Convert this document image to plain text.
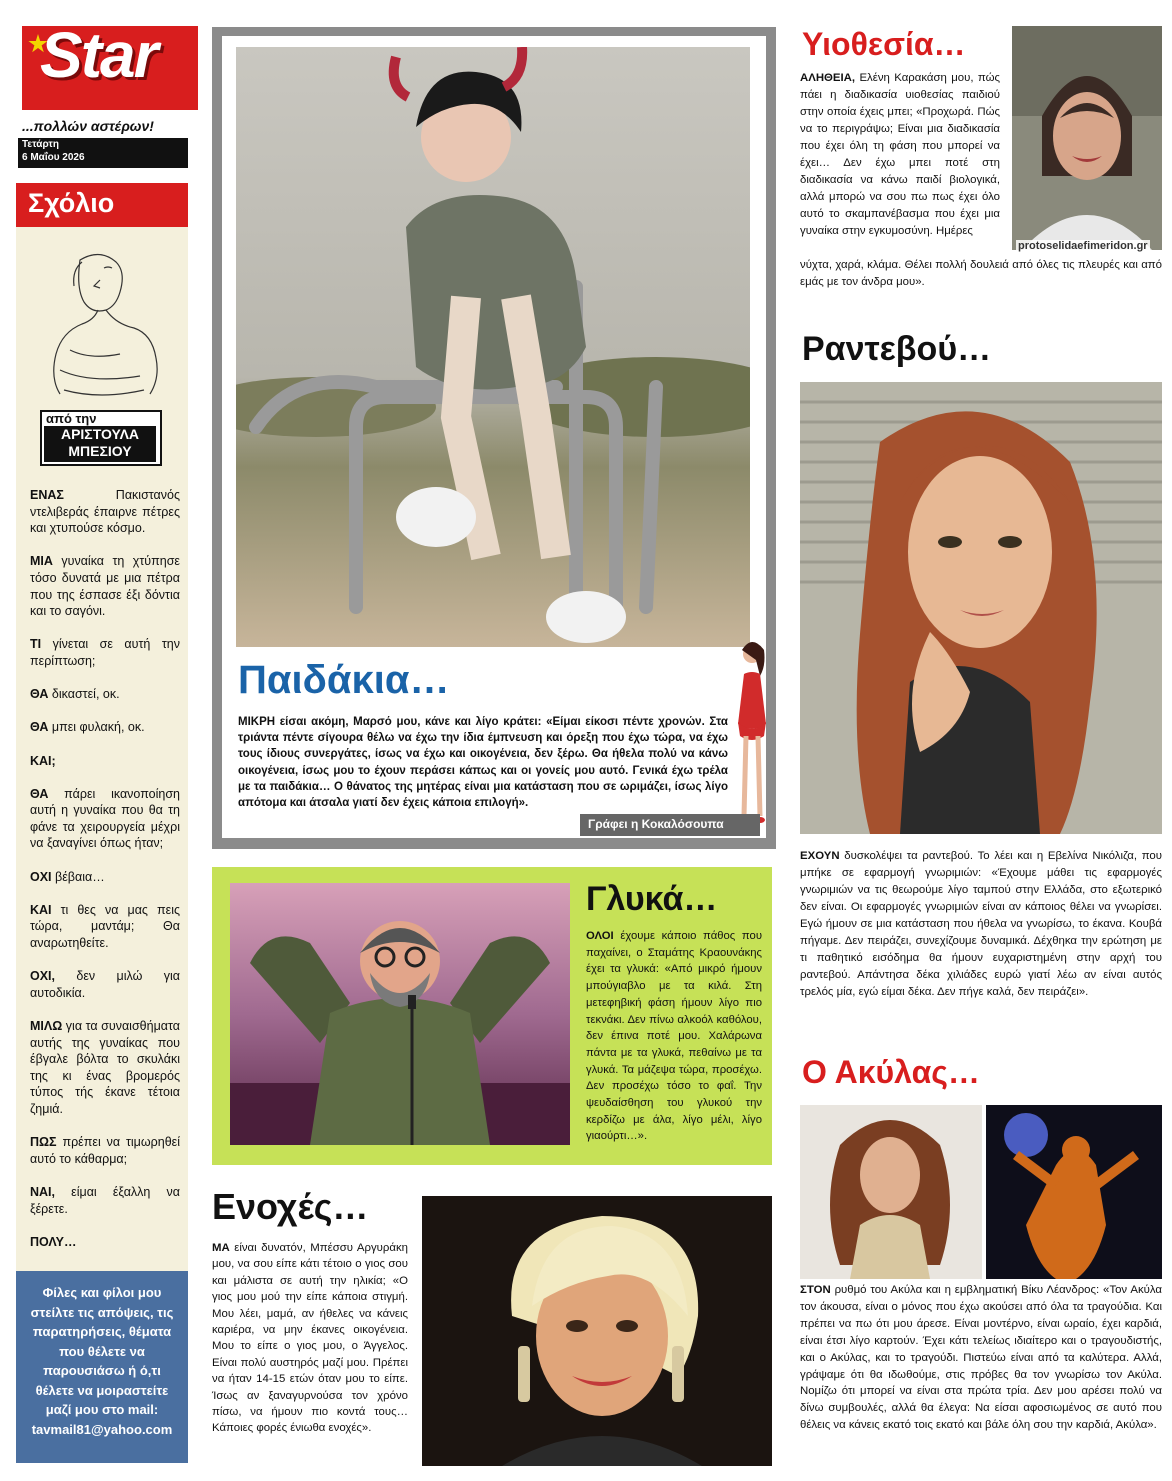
Star
...πολλών αστέρων!
Τετάρτη
6 Μαΐου 2026
Σχόλιο
από την
ΑΡΙΣΤΟΥΛΑ
ΜΠΕΣΙΟΥ

ΕΝΑΣ Πακιστανός ντελιβεράς έπαιρνε πέτρες και χτυπούσε κόσμο.

ΜΙΑ γυναίκα τη χτύπησε τόσο δυνατά με μια πέτρα που της έσπασε έξι δόντια και το σαγόνι.

ΤΙ γίνεται σε αυτή την περίπτωση;

ΘΑ δικαστεί, οκ.

ΘΑ μπει φυλακή, οκ.

ΚΑΙ;

ΘΑ πάρει ικανοποίηση αυτή η γυναίκα που θα τη φάνε τα χειρουργεία μέχρι να ξαναγίνει όπως ήταν;

ΟΧΙ βέβαια…

ΚΑΙ τι θες να μας πεις τώρα, μαντάμ; Θα αναρωτηθείτε.

ΟΧΙ, δεν μιλώ για αυτοδικία.

ΜΙΛΩ για τα συναισθήματα αυτής της γυναίκας που έβγαλε βόλτα το σκυλάκι της κι ένας βρομερός τύπος τής έκανε τέτοια ζημιά.

ΠΩΣ πρέπει να τιμωρηθεί αυτό το κάθαρμα;

ΝΑΙ, είμαι έξαλλη να ξέρετε.

ΠΟΛΥ…

Φίλες και φίλοι μου στείλτε τις απόψεις, τις παρατηρήσεις, θέματα που θέλετε να παρουσιάσω ή ό,τι θέλετε να μοιραστείτε μαζί μου στο mail:
tavmail81@yahoo.com
Παιδάκια…
ΜΙΚΡΗ είσαι ακόμη, Μαρσό μου, κάνε και λίγο κράτει: «Είμαι είκοσι πέντε χρονών. Στα τριάντα πέντε σίγουρα θέλω να έχω την ίδια έμπνευση και όρεξη που έχω τώρα, να έχω τους ίδιους συνεργάτες, ίσως να έχω και οικογένεια, δεν ξέρω. Θα ήθελα πολύ να κάνω οικογένεια, ίσως μου το έχουν περάσει κάπως και οι γονείς μου αυτό. Γενικά έχω τρέλα με τα παιδάκια… Ο θάνατος της μητέρας είναι μια κατάσταση που σε ωριμάζει, ίσως λίγο απότομα και άτσαλα γιατί δεν έχεις κάποια επιλογή».
Γράφει η Κοκαλόσουπα
Γλυκά…
ΟΛΟΙ έχουμε κάποιο πάθος που παχαίνει, ο Σταμάτης Κραουνάκης έχει τα γλυκά: «Από μικρό ήμουν μπούγιαβλο με τα κιλά. Στη μετεφηβική φάση ήμουν λίγο πιο τεκνάκι. Δεν πίνω αλκοόλ καθόλου, δεν έπινα ποτέ μου. Χαλάρωνα πάντα με τα γλυκά, πεθαίνω με τα γλυκά. Τα μάζεψα τώρα, προσέχω. Δεν προσέχω τόσο το φαΐ. Την ψευδαίσθηση του γλυκού την κερδίζω με άλα, λίγο μέλι, λίγο γιαούρτι…».
Ενοχές…
ΜΑ είναι δυνατόν, Μπέσσυ Αργυράκη μου, να σου είπε κάτι τέτοιο ο γιος σου και μάλιστα σε αυτή την ηλικία; «Ο γιος μου μού την είπε κάποια στιγμή. Μου λέει, μαμά, αν ήθελες να κάνεις καριέρα, να μην έκανες οικογένεια. Μου το είπε ο γιος μου, ο Άγγελος. Είναι πολύ αυστηρός μαζί μου. Πρέπει να ήταν 14-15 ετών όταν μου το είπε. Ίσως αν ξαναγυρνούσα τον χρόνο πίσω, να ήμουν πιο κοντά τους… Κάποιες φορές ένιωθα ενοχές».
Υιοθεσία…
ΑΛΗΘΕΙΑ, Ελένη Καρακάση μου, πώς πάει η διαδικασία υιοθεσίας παιδιού στην οποία έχεις μπει; «Προχωρά. Πώς να το περιγράψω; Είναι μια διαδικασία που έχει όλη τη φάση που μπορεί να έχει… Δεν έχω μπει ποτέ στη διαδικασία να κάνω παιδί βιολογικά, αλλά μπορώ να σου πω πως έχει όλο αυτό το σκαμπανέβασμα που έχει μια γυναίκα στην εγκυμοσύνη. Ημέρες
protoselidaefimeridon.gr
νύχτα, χαρά, κλάμα. Θέλει πολλή δουλειά από όλες τις πλευρές και από εμάς με τον άνδρα μου».
Ραντεβού…
ΕΧΟΥΝ δυσκολέψει τα ραντεβού. Το λέει και η Εβελίνα Νικόλιζα, που μπήκε σε εφαρμογή γνωριμιών: «Έχουμε μάθει τις εφαρμογές γνωριμιών να τις θεωρούμε λίγο ταμπού στην Ελλάδα, στο εξωτερικό δεν είναι. Οι εφαρμογές γνωριμιών είναι αν κάποιος θέλει να γνωρίσει. Εγώ ήμουν σε μια κατάσταση που ήθελα να γνωρίσω, το έκανα. Κουβά πήγαμε. Δεν πειράζει, συνεχίζουμε δυναμικά. Δέχθηκα την ερώτηση με τι παθητικό εισόδημα θα ήμουν ευχαριστημένη στην αρχή του ραντεβού. Απάντησα δέκα χιλιάδες ευρώ γιατί λέω αν είναι αυτός τρελός μία, εγώ είμαι δέκα. Δεν πήγε καλά, δεν πειράζει».
Ο Ακύλας…
ΣΤΟΝ ρυθμό του Ακύλα και η εμβληματική Βίκυ Λέανδρος: «Τον Ακύλα τον άκουσα, είναι ο μόνος που έχω ακούσει από όλα τα τραγούδια. Και πρέπει να πω ότι μου άρεσε. Είναι μοντέρνο, είναι ωραίο, έχει καρδιά, είναι έτσι λίγο καρτούν. Έχει κάτι τελείως ιδιαίτερο και ο τραγουδιστής, και ο Ακύλας, και το τραγούδι. Πιστεύω είναι από τα καλύτερα. Αλλά, γράψαμε ότι θα ιδωθούμε, στις πρόβες θα τον γνωρίσω τον Ακύλα. Νομίζω ότι μπορεί να είναι στα πρώτα τρία. Δεν μου αρέσει πολύ να δίνω συμβουλές, αλλά θα έλεγα: Να είσαι αφοσιωμένος σε αυτό που θέλεις να κάνεις εκατό τοις εκατό και βάλε όλη σου την καρδιά, Ακύλα».
